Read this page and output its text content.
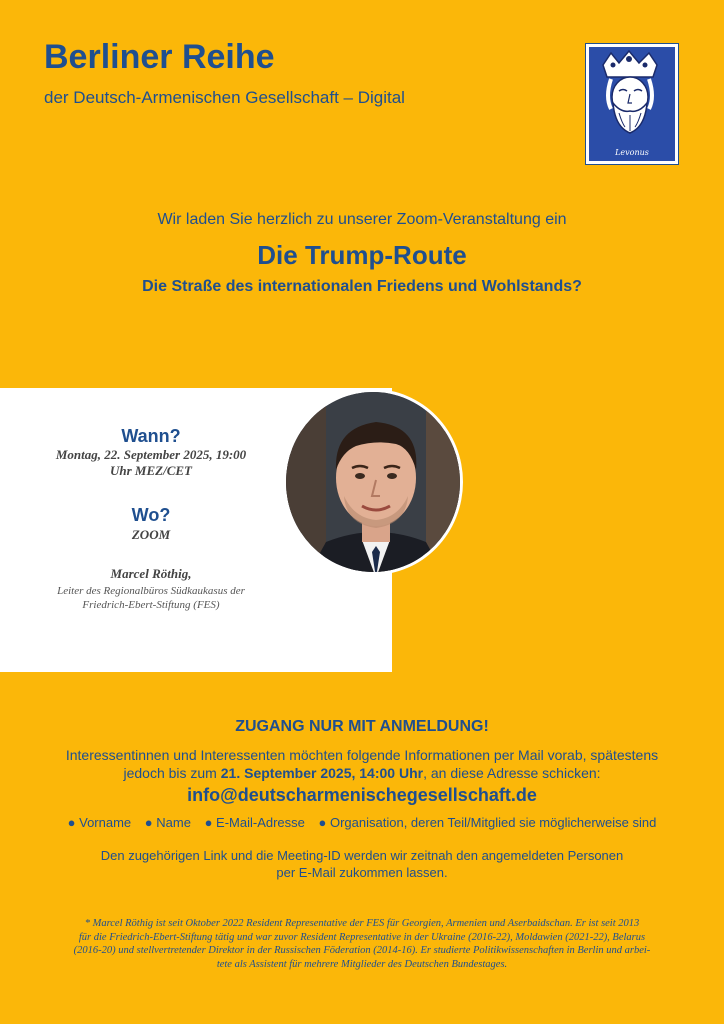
Berliner Reihe
der Deutsch-Armenischen Gesellschaft – Digital
Levonus
Wir laden Sie herzlich zu unserer Zoom-Veranstaltung ein
Die Trump-Route
Die Straße des internationalen Friedens und Wohlstands?
Wann?
Montag, 22. September 2025, 19:00
Uhr MEZ/CET
Wo?
ZOOM
Marcel Röthig,
Leiter des Regionalbüros Südkaukasus der
Friedrich-Ebert-Stiftung (FES)
ZUGANG NUR MIT ANMELDUNG!
Interessentinnen und Interessenten möchten folgende Informationen per Mail vorab, spätestens
jedoch bis zum 21. September 2025, 14:00 Uhr, an diese Adresse schicken:
info@deutscharmenischegesellschaft.de
● Vorname ● Name ● E-Mail-Adresse ● Organisation, deren Teil/Mitglied sie möglicherweise sind
Den zugehörigen Link und die Meeting-ID werden wir zeitnah den angemeldeten Personen
per E-Mail zukommen lassen.
* Marcel Röthig ist seit Oktober 2022 Resident Representative der FES für Georgien, Armenien und Aserbaidschan. Er ist seit 2013
für die Friedrich-Ebert-Stiftung tätig und war zuvor Resident Representative in der Ukraine (2016-22), Moldawien (2021-22), Belarus
(2016-20) und stellvertretender Direktor in der Russischen Föderation (2014-16). Er studierte Politikwissenschaften in Berlin und arbei-
tete als Assistent für mehrere Mitglieder des Deutschen Bundestages.
